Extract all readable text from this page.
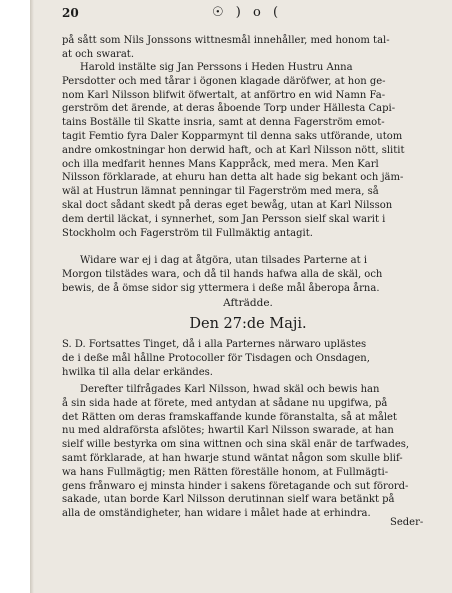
20	☉ ) o (

på sått som Nils Jonssons wittnesmål innehåller, med honom tal-
at och swarat.

Harold instälte sig Jan Perssons i Heden Hustru Anna
Persdotter och med tårar i ögonen klagade däröfwer, at hon ge-
nom Karl Nilsson blifwit öfwertalt, at anförtro en wid Namn Fa-
gerström det ärende, at deras åboende Torp under Hällesta Capi-
tains Boställe til Skatte insria, samt at denna Fagerström emot-
tagit Femtio fyra Daler Kopparmynt til denna saks utförande, utom
andre omkostningar hon derwid haft, och at Karl Nilsson nött, slitit
och illa medfarit hennes Mans Kappråck, med mera. Men Karl
Nilsson förklarade, at ehuru han detta alt hade sig bekant och jäm-
wäl at Hustrun lämnat penningar til Fagerström med mera, så
skal doct sådant skedt på deras eget bewåg, utan at Karl Nilsson
dem dertil läckat, i synnerhet, som Jan Persson sielf skal warit i
Stockholm och Fagerström til Fullmäktig antagit.

Widare war ej i dag at åtgöra, utan tilsades Parterne at i
Morgon tilstädes wara, och då til hands hafwa alla de skäl, och
bewis, de å ömse sidor sig yttermera i deße mål åberopa årna.

Afträdde.
Den 27:de Maji.

S. D. Fortsattes Tinget, då i alla Parternes närwaro uplästes
de i deße mål hållne Protocoller för Tisdagen och Onsdagen,
hwilka til alla delar erkändes.

Derefter tilfrågades Karl Nilsson, hwad skäl och bewis han
å sin sida hade at förete, med antydan at sådane nu upgifwa, på
det Rätten om deras framskaffande kunde föranstalta, så at målet
nu med aldraförsta afslötes; hwartil Karl Nilsson swarade, at han
sielf wille bestyrka om sina wittnen och sina skäl enär de tarfwades,
samt förklarade, at han hwarje stund wäntat någon som skulle blif-
wa hans Fullmägtig; men Rätten föreställe honom, at Fullmägti-
gens frånwaro ej minsta hinder i sakens företagande och sut förord-
sakade, utan borde Karl Nilsson derutinnan sielf wara betänkt på
alla de omständigheter, han widare i målet hade at erhindra.

Seder-
